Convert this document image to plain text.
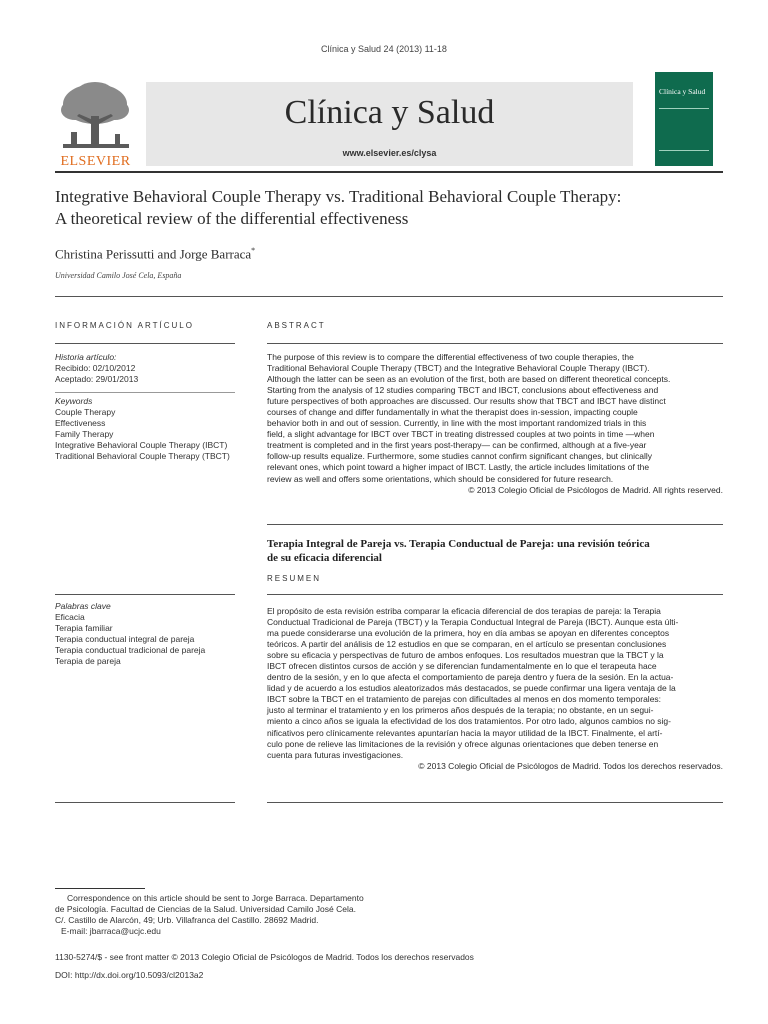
Clínica y Salud 24 (2013) 11-18
ELSEVIER
Clínica y Salud
www.elsevier.es/clysa
Clínica y Salud
Integrative Behavioral Couple Therapy vs. Traditional Behavioral Couple Therapy:
A theoretical review of the differential effectiveness
Christina Perissutti and Jorge Barraca*
Universidad Camilo José Cela, España
INFORMACIÓN ARTÍCULO	ABSTRACT
Historia artículo:
Recibido: 02/10/2012
Aceptado: 29/01/2013
Keywords
Couple Therapy
Effectiveness
Family Therapy
Integrative Behavioral Couple Therapy (IBCT)
Traditional Behavioral Couple Therapy (TBCT)
The purpose of this review is to compare the differential effectiveness of two couple therapies, the
Traditional Behavioral Couple Therapy (TBCT) and the Integrative Behavioral Couple Therapy (IBCT).
Although the latter can be seen as an evolution of the first, both are based on different theoretical concepts.
Starting from the analysis of 12 studies comparing TBCT and IBCT, conclusions about effectiveness and
future perspectives of both approaches are discussed. Our results show that TBCT and IBCT have distinct
courses of change and differ fundamentally in what the therapist does in-session, impacting couple
behavior both in and out of session. Currently, in line with the most important randomized trials in this
field, a slight advantage for IBCT over TBCT in treating distressed couples at two points in time —when
treatment is completed and in the first years post-therapy— can be confirmed, although at a five-year
follow-up results equalize. Furthermore, some studies cannot confirm significant changes, but clinically
relevant ones, which point toward a higher impact of IBCT. Lastly, the article includes limitations of the
review as well and offers some orientations, which should be considered for future research.
© 2013 Colegio Oficial de Psicólogos de Madrid. All rights reserved.
Terapia Integral de Pareja vs. Terapia Conductual de Pareja: una revisión teórica
de su eficacia diferencial
RESUMEN
Palabras clave
Eficacia
Terapia familiar
Terapia conductual integral de pareja
Terapia conductual tradicional de pareja
Terapia de pareja
El propósito de esta revisión estriba comparar la eficacia diferencial de dos terapias de pareja: la Terapia
Conductual Tradicional de Pareja (TBCT) y la Terapia Conductual Integral de Pareja (IBCT). Aunque esta últi-
ma puede considerarse una evolución de la primera, hoy en día ambas se apoyan en diferentes conceptos
teóricos. A partir del análisis de 12 estudios en que se comparan, en el artículo se presentan conclusiones
sobre su eficacia y perspectivas de futuro de ambos enfoques. Los resultados muestran que la TBCT y la
IBCT ofrecen distintos cursos de acción y se diferencian fundamentalmente en lo que el terapeuta hace
dentro de la sesión, y en lo que afecta el comportamiento de pareja dentro y fuera de la sesión. En la actua-
lidad y de acuerdo a los estudios aleatorizados más destacados, se puede confirmar una ligera ventaja de la
IBCT sobre la TBCT en el tratamiento de parejas con dificultades al menos en dos momento temporales:
justo al terminar el tratamiento y en los primeros años después de la terapia; no obstante, en un segui-
miento a cinco años se iguala la efectividad de los dos tratamientos. Por otro lado, algunos cambios no sig-
nificativos pero clínicamente relevantes apuntarían hacia la mayor utilidad de la IBCT. Finalmente, el artí-
culo pone de relieve las limitaciones de la revisión y ofrece algunas orientaciones que deben tenerse en
cuenta para futuras investigaciones.
© 2013 Colegio Oficial de Psicólogos de Madrid. Todos los derechos reservados.
Correspondence on this article should be sent to Jorge Barraca. Departamento
de Psicología. Facultad de Ciencias de la Salud. Universidad Camilo José Cela.
C/. Castillo de Alarcón, 49; Urb. Villafranca del Castillo. 28692 Madrid.
E-mail: jbarraca@ucjc.edu
1130-5274/$ - see front matter © 2013 Colegio Oficial de Psicólogos de Madrid. Todos los derechos reservados
DOI: http://dx.doi.org/10.5093/cl2013a2
